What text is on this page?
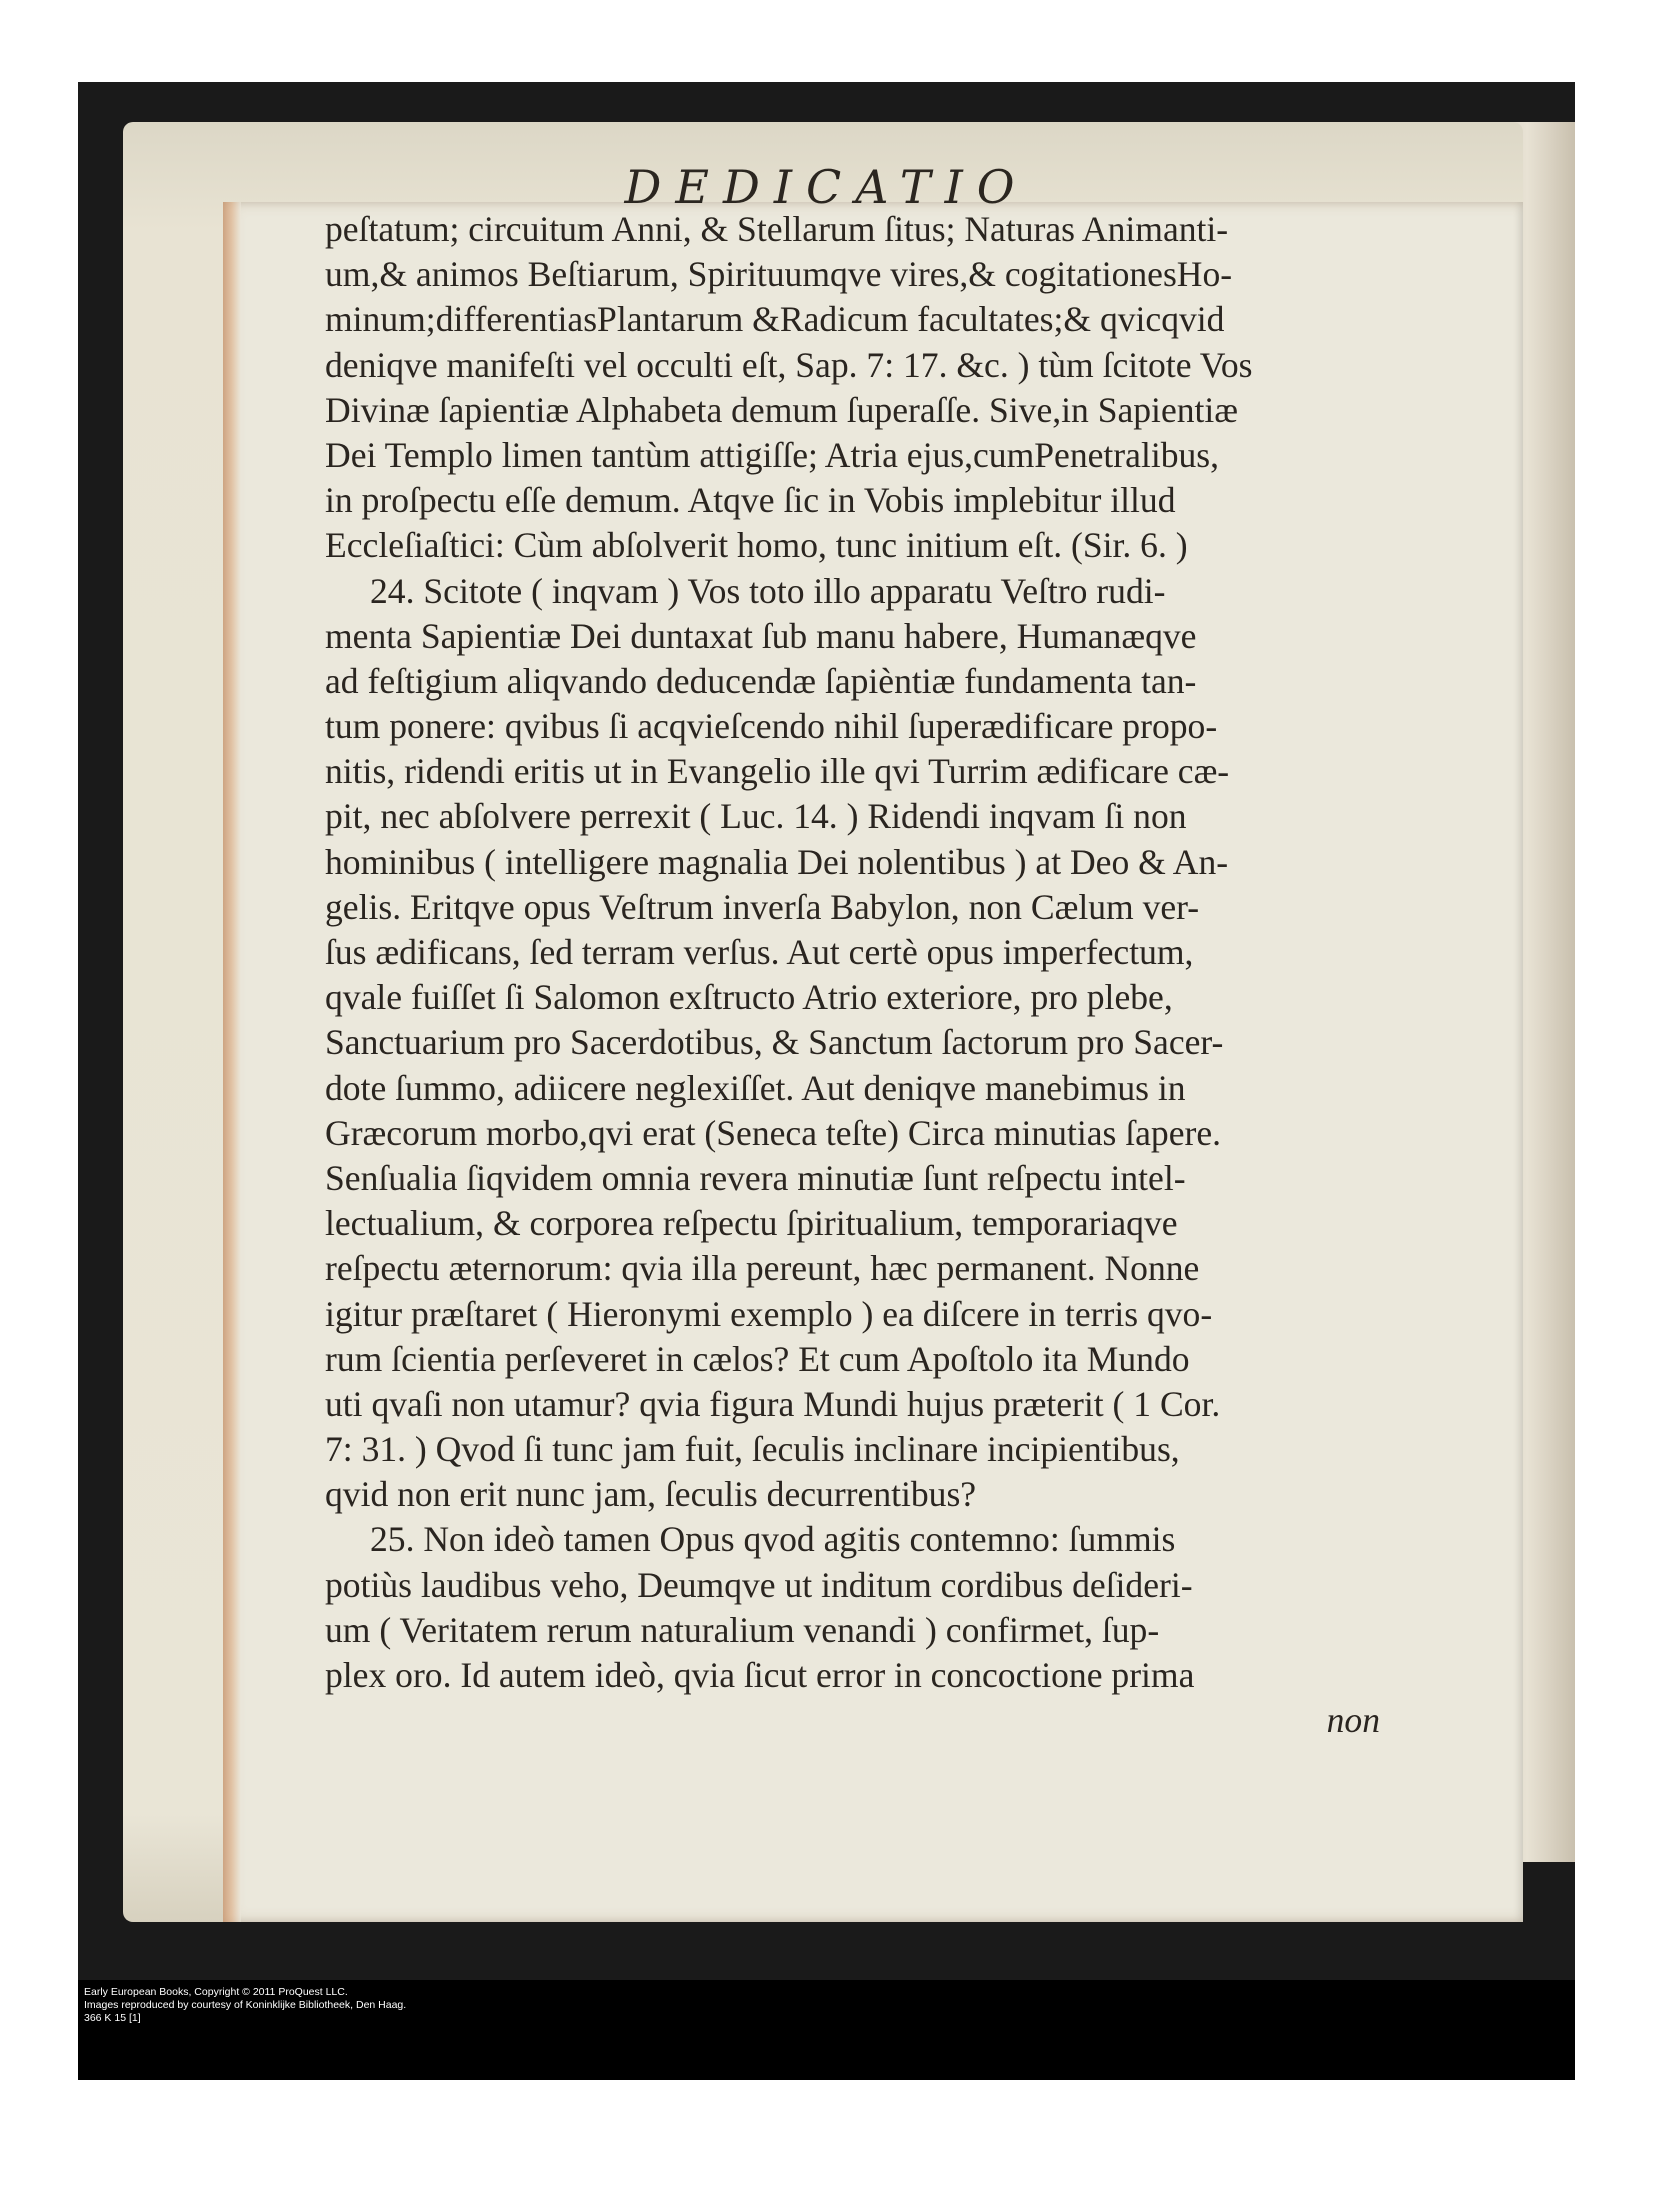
DEDICATIO
peſtatum; circuitum Anni, & Stellarum ſitus; Naturas Animanti-
um,& animos Beſtiarum, Spirituumqve vires,& cogitationesHo-
minum;differentiasPlantarum &Radicum facultates;& qvicqvid
deniqve manifeſti vel occulti eſt, Sap. 7: 17. &c. ) tùm ſcitote Vos
Divinæ ſapientiæ Alphabeta demum ſuperaſſe. Sive,in Sapientiæ
Dei Templo limen tantùm attigiſſe; Atria ejus,cumPenetralibus,
in proſpectu eſſe demum. Atqve ſic in Vobis implebitur illud
Eccleſiaſtici: Cùm abſolverit homo, tunc initium eſt. (Sir. 6. )
24. Scitote ( inqvam ) Vos toto illo apparatu Veſtro rudi-
menta Sapientiæ Dei duntaxat ſub manu habere, Humanæqve
ad feſtigium aliqvando deducendæ ſapièntiæ fundamenta tan-
tum ponere: qvibus ſi acqvieſcendo nihil ſuperædificare propo-
nitis, ridendi eritis ut in Evangelio ille qvi Turrim ædificare cæ-
pit, nec abſolvere perrexit ( Luc. 14. ) Ridendi inqvam ſi non
hominibus ( intelligere magnalia Dei nolentibus ) at Deo & An-
gelis. Eritqve opus Veſtrum inverſa Babylon, non Cælum ver-
ſus ædificans, ſed terram verſus. Aut certè opus imperfectum,
qvale fuiſſet ſi Salomon exſtructo Atrio exteriore, pro plebe,
Sanctuarium pro Sacerdotibus, & Sanctum ſactorum pro Sacer-
dote ſummo, adiicere neglexiſſet. Aut deniqve manebimus in
Græcorum morbo,qvi erat (Seneca teſte) Circa minutias ſapere.
Senſualia ſiqvidem omnia revera minutiæ ſunt reſpectu intel-
lectualium, & corporea reſpectu ſpiritualium, temporariaqve
reſpectu æternorum: qvia illa pereunt, hæc permanent. Nonne
igitur præſtaret ( Hieronymi exemplo ) ea diſcere in terris qvo-
rum ſcientia perſeveret in cælos? Et cum Apoſtolo ita Mundo
uti qvaſi non utamur? qvia figura Mundi hujus præterit ( 1 Cor.
7: 31. ) Qvod ſi tunc jam fuit, ſeculis inclinare incipientibus,
qvid non erit nunc jam, ſeculis decurrentibus?
25. Non ideò tamen Opus qvod agitis contemno: ſummis
potiùs laudibus veho, Deumqve ut inditum cordibus deſideri-
um ( Veritatem rerum naturalium venandi ) confirmet, ſup-
plex oro. Id autem ideò, qvia ſicut error in concoctione prima
non
Early European Books, Copyright © 2011 ProQuest LLC.
Images reproduced by courtesy of Koninklijke Bibliotheek, Den Haag.
366 K 15 [1]
